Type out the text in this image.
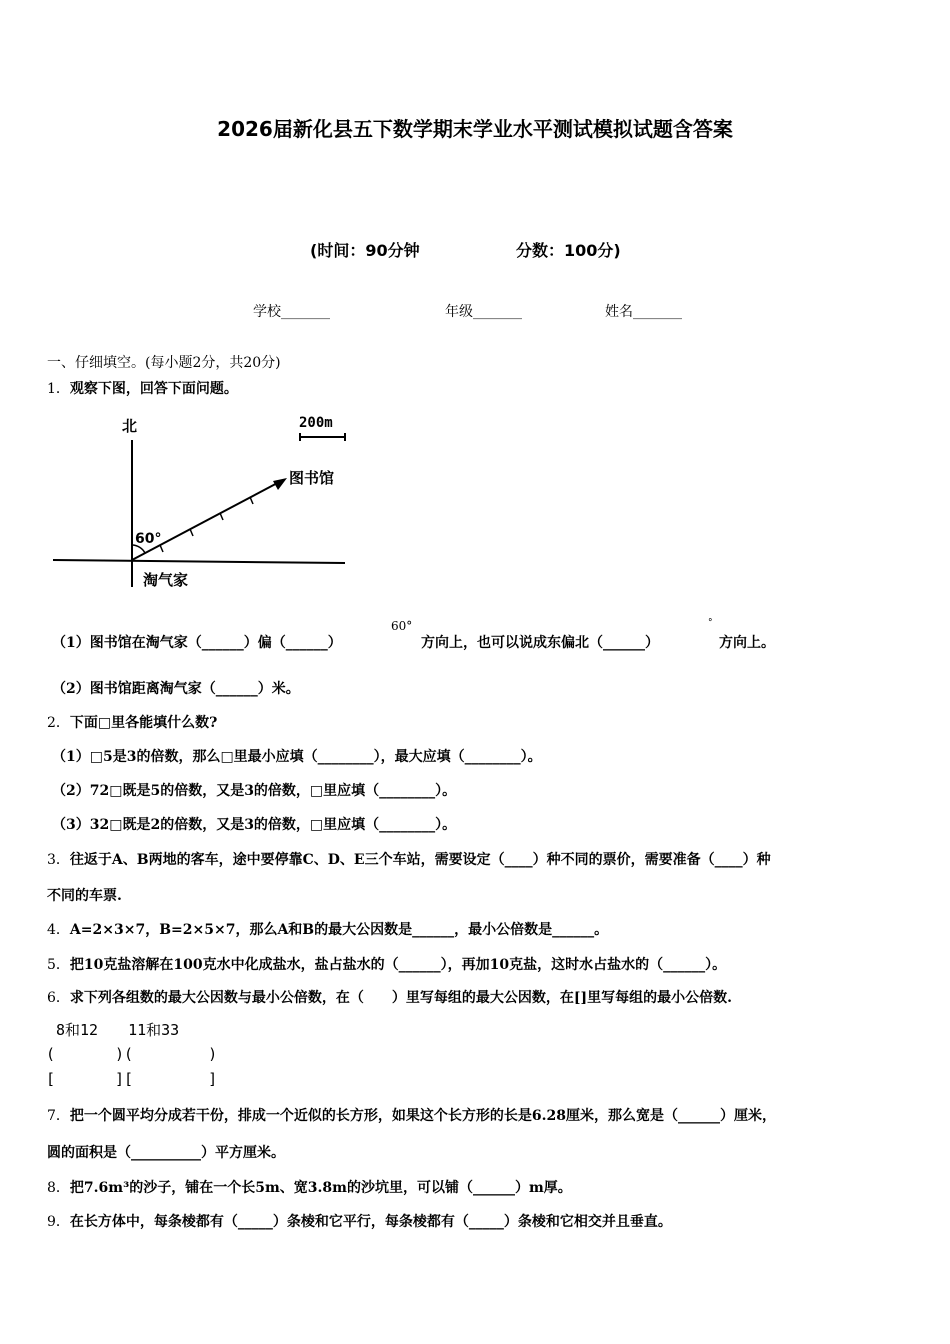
2026届新化县五下数学期末学业水平测试模拟试题含答案
(时间：90分钟	分数：100分)
学校_______	年级_______	姓名_______
一、仔细填空。(每小题2分，共20分)
1．观察下图，回答下面问题。
北	200m
图书馆
60°
淘气家
（1）图书馆在淘气家（______）偏（______）
60°
方向上，也可以说成东偏北（______）
°
方向上。
（2）图书馆距离淘气家（______）米。
2．下面□里各能填什么数?
（1）□5是3的倍数，那么□里最小应填（________），最大应填（________）。
（2）72□既是5的倍数，又是3的倍数，□里应填（________）。
（3）32□既是2的倍数，又是3的倍数，□里应填（________）。
3．往返于A、B两地的客车，途中要停靠C、D、E三个车站，需要设定（____）种不同的票价，需要准备（____）种
不同的车票.
4．A=2×3×7，B=2×5×7，那么A和B的最大公因数是______，最小公倍数是______。
5．把10克盐溶解在100克水中化成盐水，盐占盐水的（______），再加10克盐，这时水占盐水的（______）。
6．求下列各组数的最大公因数与最小公倍数，在（　　）里写每组的最大公因数，在[]里写每组的最小公倍数.
8和12　　11和33
(　　　　)(　　　　　)
[　　　　][　　　　　]
7．把一个圆平均分成若干份，排成一个近似的长方形，如果这个长方形的长是6.28厘米，那么宽是（______）厘米，
圆的面积是（__________）平方厘米。
8．把7.6m³的沙子，铺在一个长5m、宽3.8m的沙坑里，可以铺（______）m厚。
9．在长方体中，每条棱都有（_____）条棱和它平行，每条棱都有（_____）条棱和它相交并且垂直。
